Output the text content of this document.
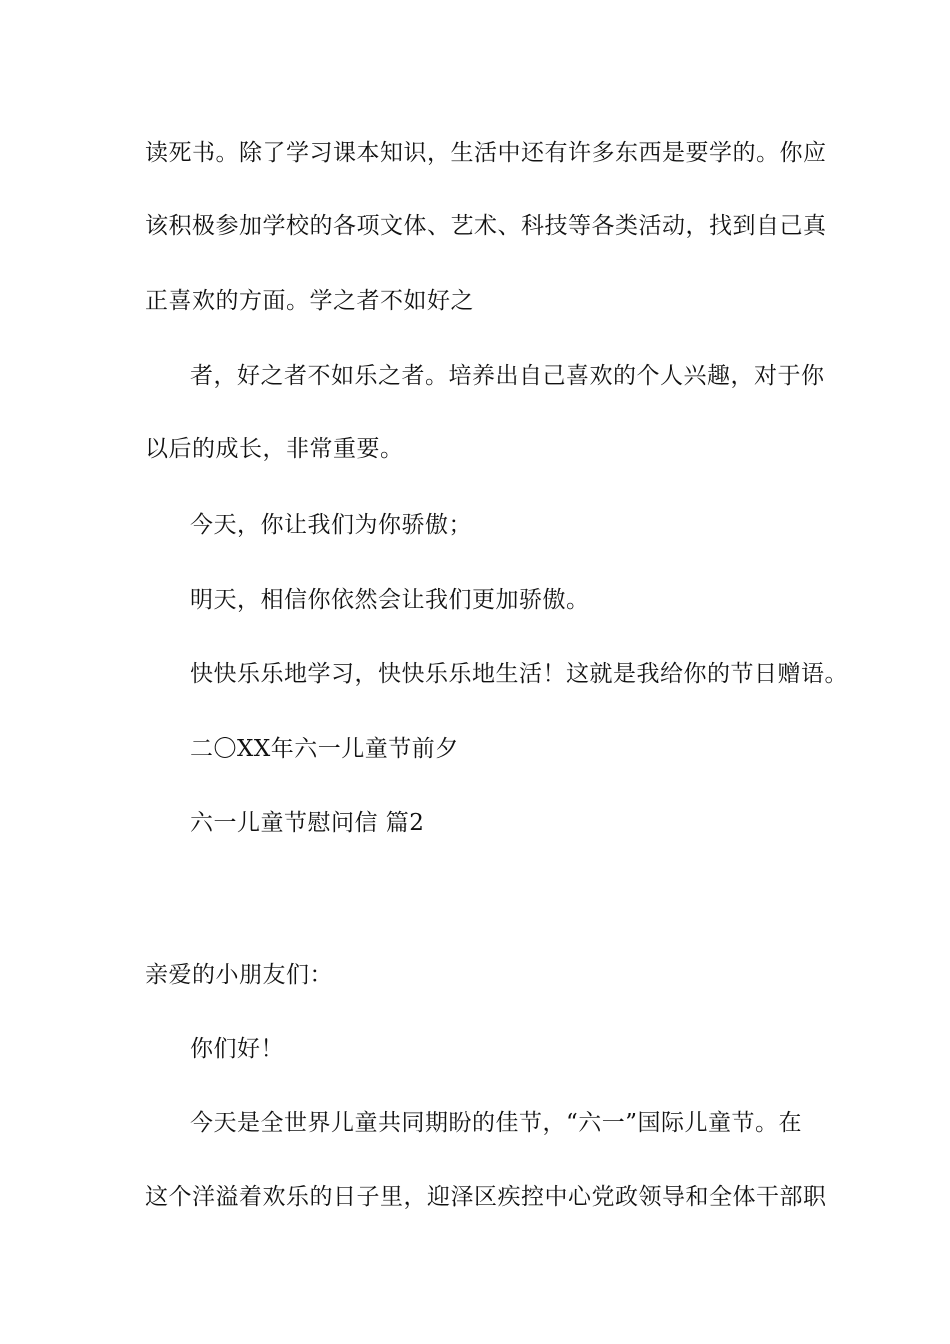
读死书。除了学习课本知识，生活中还有许多东西是要学的。你应
该积极参加学校的各项文体、艺术、科技等各类活动，找到自己真
正喜欢的方面。学之者不如好之
者，好之者不如乐之者。培养出自己喜欢的个人兴趣，对于你
以后的成长，非常重要。
今天，你让我们为你骄傲；
明天，相信你依然会让我们更加骄傲。
快快乐乐地学习，快快乐乐地生活！这就是我给你的节日赠语。
二〇XX年六一儿童节前夕
六一儿童节慰问信 篇2
亲爱的小朋友们：
你们好！
今天是全世界儿童共同期盼的佳节，“六一”国际儿童节。在
这个洋溢着欢乐的日子里，迎泽区疾控中心党政领导和全体干部职
